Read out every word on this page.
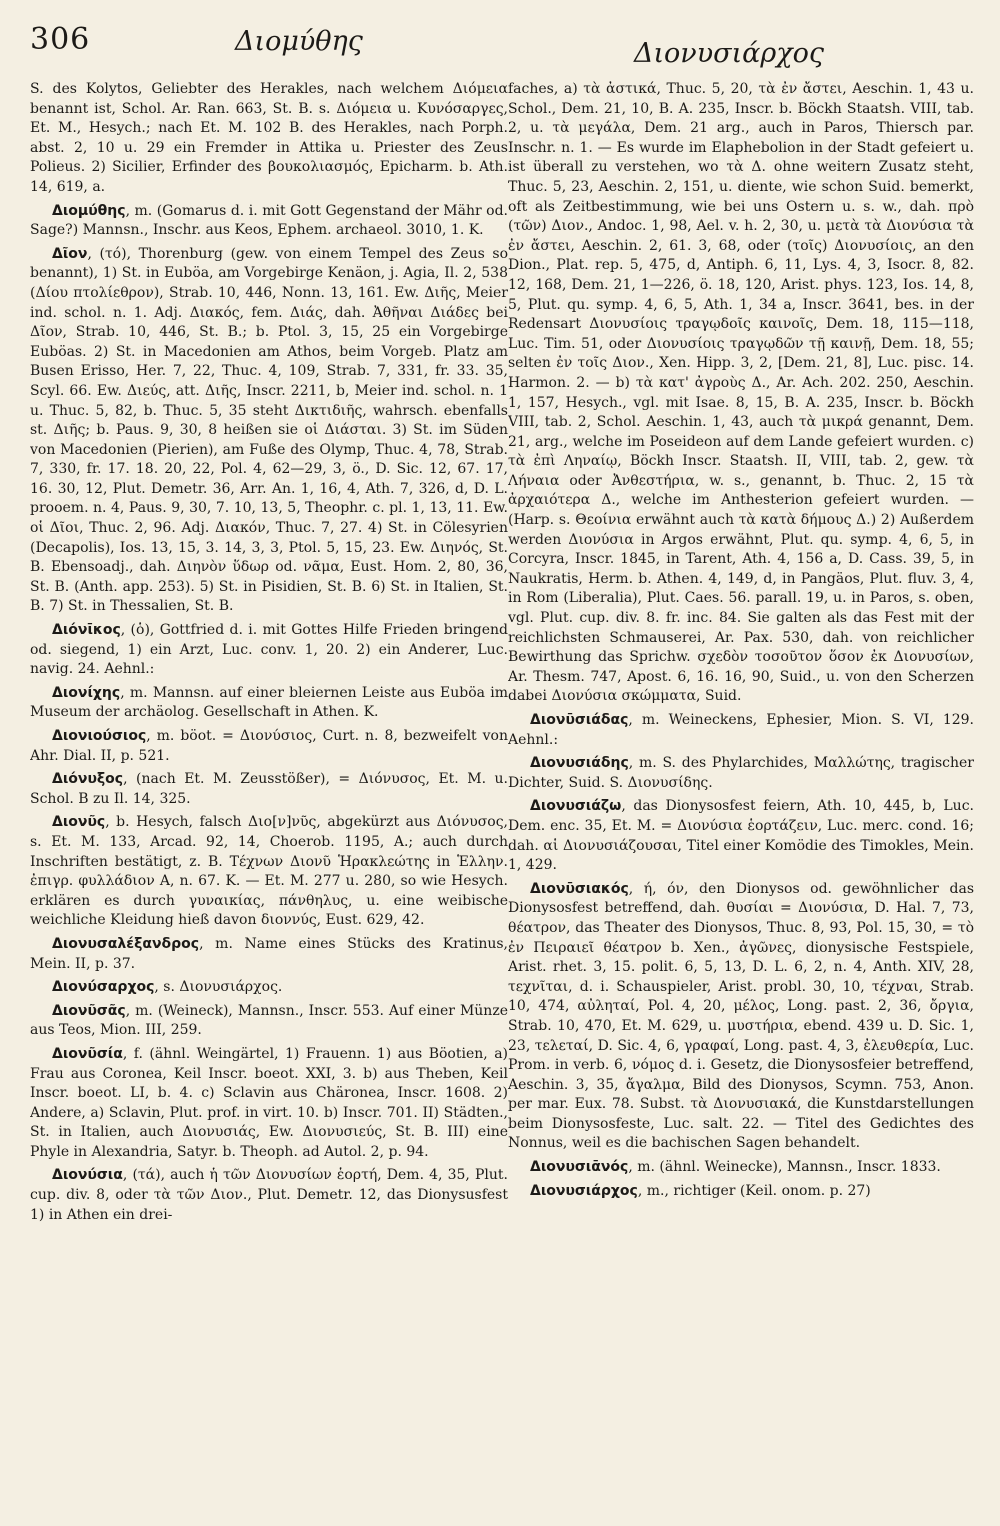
306	Διομύθης	Διονυσιάρχος

S. des Kolytos, Geliebter des Herakles, nach welchem Διόμεια benannt ist, Schol. Ar. Ran. 663, St. B. s. Διόμεια u. Κυνόσαργες, Et. M., Hesych.; nach Et. M. 102 B. des Herakles, nach Porph. abst. 2, 10 u. 29 ein Fremder in Attika u. Priester des Zeus Polieus. 2) Sicilier, Erfinder des βουκολιασμός, Epicharm. b. Ath. 14, 619, a.

Διομύθης, m. (Gomarus d. i. mit Gott Gegenstand der Mähr od. Sage?) Mannsn., Inschr. aus Keos, Ephem. archaeol. 3010, 1. K.

Δῖον, (τό), Thorenburg (gew. von einem Tempel des Zeus so benannt), 1) St. in Euböa, am Vorgebirge Kenäon, j. Agia, Il. 2, 538 (Δίου πτολίεθρον), Strab. 10, 446, Nonn. 13, 161. Ew. Διῆς, Meier ind. schol. n. 1. Adj. Διακός, fem. Διάς, dah. Ἀθῆναι Διάδες bei Δῖον, Strab. 10, 446, St. B.; b. Ptol. 3, 15, 25 ein Vorgebirge Euböas. 2) St. in Macedonien am Athos, beim Vorgeb. Platz am Busen Erisso, Her. 7, 22, Thuc. 4, 109, Strab. 7, 331, fr. 33. 35, Scyl. 66. Ew. Διεύς, att. Διῆς, Inscr. 2211, b, Meier ind. schol. n. 1 u. Thuc. 5, 82, b. Thuc. 5, 35 steht Δικτιδιῆς, wahrsch. ebenfalls st. Διῆς; b. Paus. 9, 30, 8 heißen sie οἱ Διάσται. 3) St. im Süden von Macedonien (Pierien), am Fuße des Olymp, Thuc. 4, 78, Strab. 7, 330, fr. 17. 18. 20, 22, Pol. 4, 62—29, 3, ö., D. Sic. 12, 67. 17, 16. 30, 12, Plut. Demetr. 36, Arr. An. 1, 16, 4, Ath. 7, 326, d, D. L. prooem. n. 4, Paus. 9, 30, 7. 10, 13, 5, Theophr. c. pl. 1, 13, 11. Ew. οἱ Δῖοι, Thuc. 2, 96. Adj. Διακόν, Thuc. 7, 27. 4) St. in Cölesyrien (Decapolis), Ios. 13, 15, 3. 14, 3, 3, Ptol. 5, 15, 23. Ew. Διηνός, St. B. Ebensoadj., dah. Διηνὸν ὕδωρ od. νᾶμα, Eust. Hom. 2, 80, 36, St. B. (Anth. app. 253). 5) St. in Pisidien, St. B. 6) St. in Italien, St. B. 7) St. in Thessalien, St. B.

Διόνῑκος, (ὁ), Gottfried d. i. mit Gottes Hilfe Frieden bringend od. siegend, 1) ein Arzt, Luc. conv. 1, 20. 2) ein Anderer, Luc. navig. 24. Aehnl.:

Διονίχης, m. Mannsn. auf einer bleiernen Leiste aus Euböa im Museum der archäolog. Gesellschaft in Athen. K.

Διονιούσιος, m. böot. = Διονύσιος, Curt. n. 8, bezweifelt von Ahr. Dial. II, p. 521.

Διόνυξος, (nach Et. M. Zeusstößer), = Διόνυσος, Et. M. u. Schol. B zu Il. 14, 325.

Διονῦς, b. Hesych, falsch Διο[ν]νῦς, abgekürzt aus Διόνυσος, s. Et. M. 133, Arcad. 92, 14, Choerob. 1195, A.; auch durch Inschriften bestätigt, z. B. Τέχνων Διονῦ Ἡρακλεώτης in Ἑλλην. ἐπιγρ. φυλλάδιον A, n. 67. K. — Et. M. 277 u. 280, so wie Hesych. erklären es durch γυναικίας, πάνθηλυς, u. eine weibische weichliche Kleidung hieß davon διοννύς, Eust. 629, 42.

Διονυσαλέξανδρος, m. Name eines Stücks des Kratinus, Mein. II, p. 37.

Διονύσαρχος, s. Διονυσιάρχος.

Διονῦσᾶς, m. (Weineck), Mannsn., Inscr. 553. Auf einer Münze aus Teos, Mion. III, 259.

Διονῦσία, f. (ähnl. Weingärtel, 1) Frauenn. 1) aus Böotien, a) Frau aus Coronea, Keil Inscr. boeot. XXI, 3. b) aus Theben, Keil Inscr. boeot. LI, b. 4. c) Sclavin aus Chäronea, Inscr. 1608. 2) Andere, a) Sclavin, Plut. prof. in virt. 10. b) Inscr. 701. II) Städten., St. in Italien, auch Διονυσιάς, Ew. Διονυσιεύς, St. B. III) eine Phyle in Alexandria, Satyr. b. Theoph. ad Autol. 2, p. 94.

Διονύσια, (τά), auch ἡ τῶν Διονυσίων ἑορτή, Dem. 4, 35, Plut. cup. div. 8, oder τὰ τῶν Διον., Plut. Demetr. 12, das Dionysusfest 1) in Athen ein drei-

faches, a) τὰ ἀστικά, Thuc. 5, 20, τὰ ἐν ἄστει, Aeschin. 1, 43 u. Schol., Dem. 21, 10, B. A. 235, Inscr. b. Böckh Staatsh. VIII, tab. 2, u. τὰ μεγάλα, Dem. 21 arg., auch in Paros, Thiersch par. Inschr. n. 1. — Es wurde im Elaphebolion in der Stadt gefeiert u. ist überall zu verstehen, wo τὰ Δ. ohne weitern Zusatz steht, Thuc. 5, 23, Aeschin. 2, 151, u. diente, wie schon Suid. bemerkt, oft als Zeitbestimmung, wie bei uns Ostern u. s. w., dah. πρὸ (τῶν) Διον., Andoc. 1, 98, Ael. v. h. 2, 30, u. μετὰ τὰ Διονύσια τὰ ἐν ἄστει, Aeschin. 2, 61. 3, 68, oder (τοῖς) Διονυσίοις, an den Dion., Plat. rep. 5, 475, d, Antiph. 6, 11, Lys. 4, 3, Isocr. 8, 82. 12, 168, Dem. 21, 1—226, ö. 18, 120, Arist. phys. 123, Ios. 14, 8, 5, Plut. qu. symp. 4, 6, 5, Ath. 1, 34 a, Inscr. 3641, bes. in der Redensart Διονυσίοις τραγῳδοῖς καινοῖς, Dem. 18, 115—118, Luc. Tim. 51, oder Διονυσίοις τραγῳδῶν τῇ καινῇ, Dem. 18, 55; selten ἐν τοῖς Διον., Xen. Hipp. 3, 2, [Dem. 21, 8], Luc. pisc. 14. Harmon. 2. — b) τὰ κατ' ἀγροὺς Δ., Ar. Ach. 202. 250, Aeschin. 1, 157, Hesych., vgl. mit Isae. 8, 15, B. A. 235, Inscr. b. Böckh VIII, tab. 2, Schol. Aeschin. 1, 43, auch τὰ μικρά genannt, Dem. 21, arg., welche im Poseideon auf dem Lande gefeiert wurden. c) τὰ ἐπὶ Ληναίῳ, Böckh Inscr. Staatsh. II, VIII, tab. 2, gew. τὰ Λήναια oder Ἀνθεστήρια, w. s., genannt, b. Thuc. 2, 15 τὰ ἀρχαιότερα Δ., welche im Anthesterion gefeiert wurden. — (Harp. s. Θεοίνια erwähnt auch τὰ κατὰ δήμους Δ.) 2) Außerdem werden Διονύσια in Argos erwähnt, Plut. qu. symp. 4, 6, 5, in Corcyra, Inscr. 1845, in Tarent, Ath. 4, 156 a, D. Cass. 39, 5, in Naukratis, Herm. b. Athen. 4, 149, d, in Pangäos, Plut. fluv. 3, 4, in Rom (Liberalia), Plut. Caes. 56. parall. 19, u. in Paros, s. oben, vgl. Plut. cup. div. 8. fr. inc. 84. Sie galten als das Fest mit der reichlichsten Schmauserei, Ar. Pax. 530, dah. von reichlicher Bewirthung das Sprichw. σχεδὸν τοσοῦτον ὅσον ἐκ Διονυσίων, Ar. Thesm. 747, Apost. 6, 16. 16, 90, Suid., u. von den Scherzen dabei Διονύσια σκώμματα, Suid.

Διονῡσιάδας, m. Weineckens, Ephesier, Mion. S. VI, 129. Aehnl.:

Διονυσιάδης, m. S. des Phylarchides, Μαλλώτης, tragischer Dichter, Suid. S. Διονυσίδης.

Διονυσιάζω, das Dionysosfest feiern, Ath. 10, 445, b, Luc. Dem. enc. 35, Et. M. = Διονύσια ἑορτάζειν, Luc. merc. cond. 16; dah. αἱ Διονυσιάζουσαι, Titel einer Komödie des Timokles, Mein. 1, 429.

Διονῡσιακός, ή, όν, den Dionysos od. gewöhnlicher das Dionysosfest betreffend, dah. θυσίαι = Διονύσια, D. Hal. 7, 73, θέατρον, das Theater des Dionysos, Thuc. 8, 93, Pol. 15, 30, = τὸ ἐν Πειραιεῖ θέατρον b. Xen., ἀγῶνες, dionysische Festspiele, Arist. rhet. 3, 15. polit. 6, 5, 13, D. L. 6, 2, n. 4, Anth. XIV, 28, τεχνῖται, d. i. Schauspieler, Arist. probl. 30, 10, τέχναι, Strab. 10, 474, αὐληταί, Pol. 4, 20, μέλος, Long. past. 2, 36, ὄργια, Strab. 10, 470, Et. M. 629, u. μυστήρια, ebend. 439 u. D. Sic. 1, 23, τελεταί, D. Sic. 4, 6, γραφαί, Long. past. 4, 3, ἐλευθερία, Luc. Prom. in verb. 6, νόμος d. i. Gesetz, die Dionysosfeier betreffend, Aeschin. 3, 35, ἄγαλμα, Bild des Dionysos, Scymn. 753, Anon. per mar. Eux. 78. Subst. τὰ Διονυσιακά, die Kunstdarstellungen beim Dionysosfeste, Luc. salt. 22. — Titel des Gedichtes des Nonnus, weil es die bachischen Sagen behandelt.

Διονυσιᾱνός, m. (ähnl. Weinecke), Mannsn., Inscr. 1833.

Διονυσιάρχος, m., richtiger (Keil. onom. p. 27)
